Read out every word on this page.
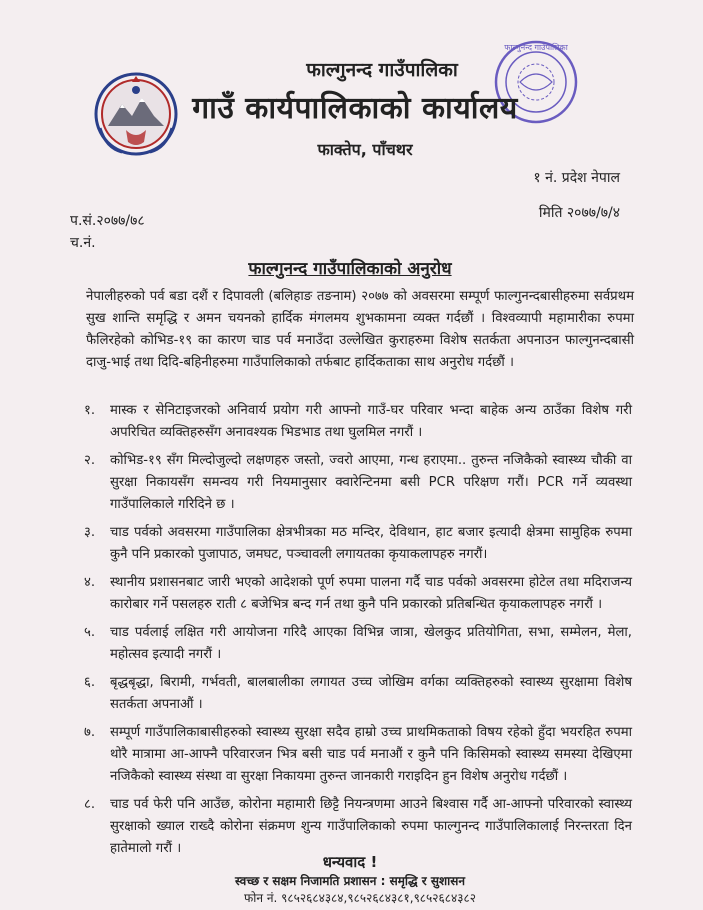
फाल्गुनन्द गाउँपालिका
फाल्गुनन्द गाउँपालिका
गाउँ कार्यपालिकाको कार्यालय
फाक्तेप, पाँचथर
१ नं. प्रदेश नेपाल
प.सं.२०७७/७८	मिति २०७७/७/४
च.नं.
फाल्गुनन्द गाउँपालिकाको अनुरोध
नेपालीहरुको पर्व बडा दशैं र दिपावली (बलिहाङ तङनाम) २०७७ को अवसरमा सम्पूर्ण फाल्गुनन्दबासीहरुमा सर्वप्रथम सुख शान्ति समृद्धि र अमन चयनको हार्दिक मंगलमय शुभकामना व्यक्त गर्दछौं । विश्वव्यापी महामारीका रुपमा फैलिरहेको कोभिड-१९ का कारण चाड पर्व मनाउँदा उल्लेखित कुराहरुमा विशेष सतर्कता अपनाउन फाल्गुनन्दबासी दाजु-भाई तथा दिदि-बहिनीहरुमा गाउँपालिकाको तर्फबाट हार्दिकताका साथ अनुरोध गर्दछौं ।
१.	मास्क र सेनिटाइजरको अनिवार्य प्रयोग गरी आफ्नो गाउँ-घर परिवार भन्दा बाहेक अन्य ठाउँका विशेष गरी अपरिचित व्यक्तिहरुसँग अनावश्यक भिडभाड तथा घुलमिल नगरौं ।
२.	कोभिड-१९ सँग मिल्दोजुल्दो लक्षणहरु जस्तो, ज्वरो आएमा, गन्ध हराएमा.. तुरुन्त नजिकैको स्वास्थ्य चौकी वा सुरक्षा निकायसँग समन्वय गरी नियमानुसार क्वारेन्टिनमा बसी PCR परिक्षण गरौं। PCR गर्ने व्यवस्था गाउँपालिकाले गरिदिने छ ।
३.	चाड पर्वको अवसरमा गाउँपालिका क्षेत्रभीत्रका मठ मन्दिर, देविथान, हाट बजार इत्यादी क्षेत्रमा सामुहिक रुपमा कुनै पनि प्रकारको पुजापाठ, जमघट, पञ्चावली लगायतका कृयाकलापहरु नगरौं।
४.	स्थानीय प्रशासनबाट जारी भएको आदेशको पूर्ण रुपमा पालना गर्दै चाड पर्वको अवसरमा होटेल तथा मदिराजन्य कारोबार गर्ने पसलहरु राती ८ बजेभित्र बन्द गर्न तथा कुनै पनि प्रकारको प्रतिबन्धित कृयाकलापहरु नगरौं ।
५.	चाड पर्वलाई लक्षित गरी आयोजना गरिदै आएका विभिन्न जात्रा, खेलकुद प्रतियोगिता, सभा, सम्मेलन, मेला, महोत्सव इत्यादी नगरौं ।
६.	बृद्धबृद्धा, बिरामी, गर्भवती, बालबालीका लगायत उच्च जोखिम वर्गका व्यक्तिहरुको स्वास्थ्य सुरक्षामा विशेष सतर्कता अपनाऔं ।
७.	सम्पूर्ण गाउँपालिकाबासीहरुको स्वास्थ्य सुरक्षा सदैव हाम्रो उच्च प्राथमिकताको विषय रहेको हुँदा भयरहित रुपमा थोरै मात्रामा आ-आफ्नै परिवारजन भित्र बसी चाड पर्व मनाऔं र कुनै पनि किसिमको स्वास्थ्य समस्या देखिएमा नजिकैको स्वास्थ्य संस्था वा सुरक्षा निकायमा तुरुन्त जानकारी गराइदिन हुन विशेष अनुरोध गर्दछौं ।
८.	चाड पर्व फेरी पनि आउँछ, कोरोना महामारी छिट्टै नियन्त्रणमा आउने बिश्वास गर्दै आ-आफ्नो परिवारको स्वास्थ्य सुरक्षाको ख्याल राख्दै कोरोना संक्रमण शुन्य गाउँपालिकाको रुपमा फाल्गुनन्द गाउँपालिकालाई निरन्तरता दिन हातेमालो गरौं ।
धन्यवाद !
स्वच्छ र सक्षम निजामति प्रशासन : समृद्धि र सुशासन
फोन नं. ९८५२६८४३८४,९८५२६८४३८१,९८५२६८४३८२
